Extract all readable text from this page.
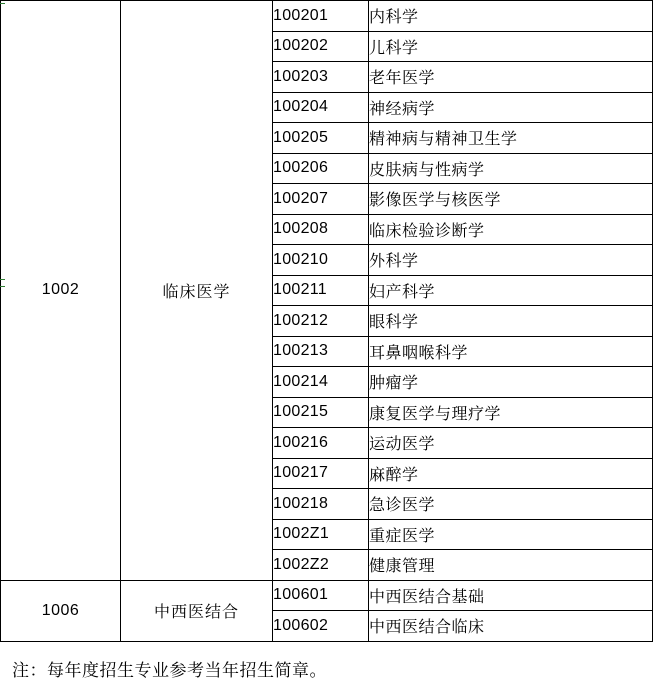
1002	临床医学	100201	内科学
		100202	儿科学
		100203	老年医学
		100204	神经病学
		100205	精神病与精神卫生学
		100206	皮肤病与性病学
		100207	影像医学与核医学
		100208	临床检验诊断学
		100210	外科学
		100211	妇产科学
		100212	眼科学
		100213	耳鼻咽喉科学
		100214	肿瘤学
		100215	康复医学与理疗学
		100216	运动医学
		100217	麻醉学
		100218	急诊医学
		1002Z1	重症医学
		1002Z2	健康管理
1006	中西医结合	100601	中西医结合基础
		100602	中西医结合临床
注：每年度招生专业参考当年招生简章。
